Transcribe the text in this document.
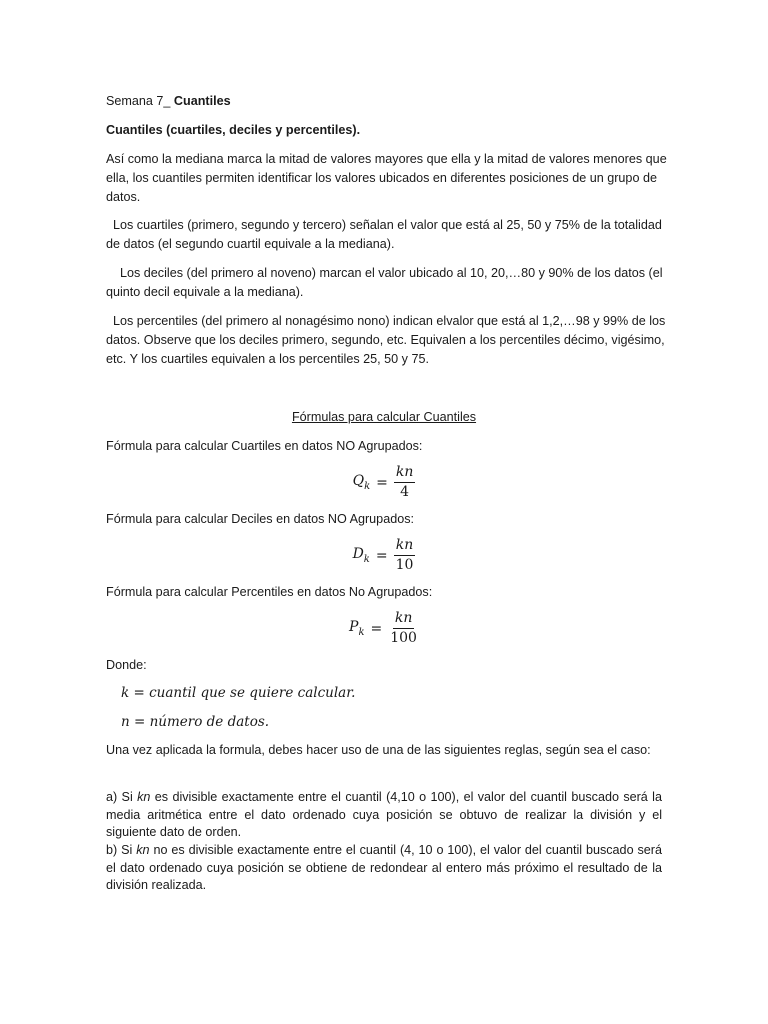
Semana 7_ Cuantiles
Cuantiles (cuartiles, deciles y percentiles).
Así como la mediana marca la mitad de valores mayores que ella y la mitad de valores menores que
ella, los cuantiles permiten identificar los valores ubicados en diferentes posiciones de un grupo de
datos.
Los cuartiles (primero, segundo y tercero) señalan el valor que está al 25, 50 y 75% de la totalidad
de datos (el segundo cuartil equivale a la mediana).
Los deciles (del primero al noveno) marcan el valor ubicado al 10, 20,…80 y 90% de los datos (el
quinto decil equivale a la mediana).
Los percentiles (del primero al nonagésimo nono) indican elvalor que está al 1,2,…98 y 99% de los
datos. Observe que los deciles primero, segundo, etc. Equivalen a los percentiles décimo, vigésimo,
etc. Y los cuartiles equivalen a los percentiles 25, 50 y 75.
Fórmulas para calcular Cuantiles
Fórmula para calcular Cuartiles en datos NO Agrupados:
$Q_k = \frac{kn}{4}$
Fórmula para calcular Deciles en datos NO Agrupados:
$D_k = \frac{kn}{10}$
Fórmula para calcular Percentiles en datos No Agrupados:
$P_k = \frac{kn}{100}$
Donde:
k = cuantil que se quiere calcular.
n = número de datos.
Una vez aplicada la formula, debes hacer uso de una de las siguientes reglas, según sea el caso:
a) Si kn es divisible exactamente entre el cuantil (4,10 o 100), el valor del cuantil buscado será la media aritmética entre el dato ordenado cuya posición se obtuvo de realizar la división y el siguiente dato de orden.
b) Si kn no es divisible exactamente entre el cuantil (4, 10 o 100), el valor del cuantil buscado será el dato ordenado cuya posición se obtiene de redondear al entero más próximo el resultado de la división realizada.
